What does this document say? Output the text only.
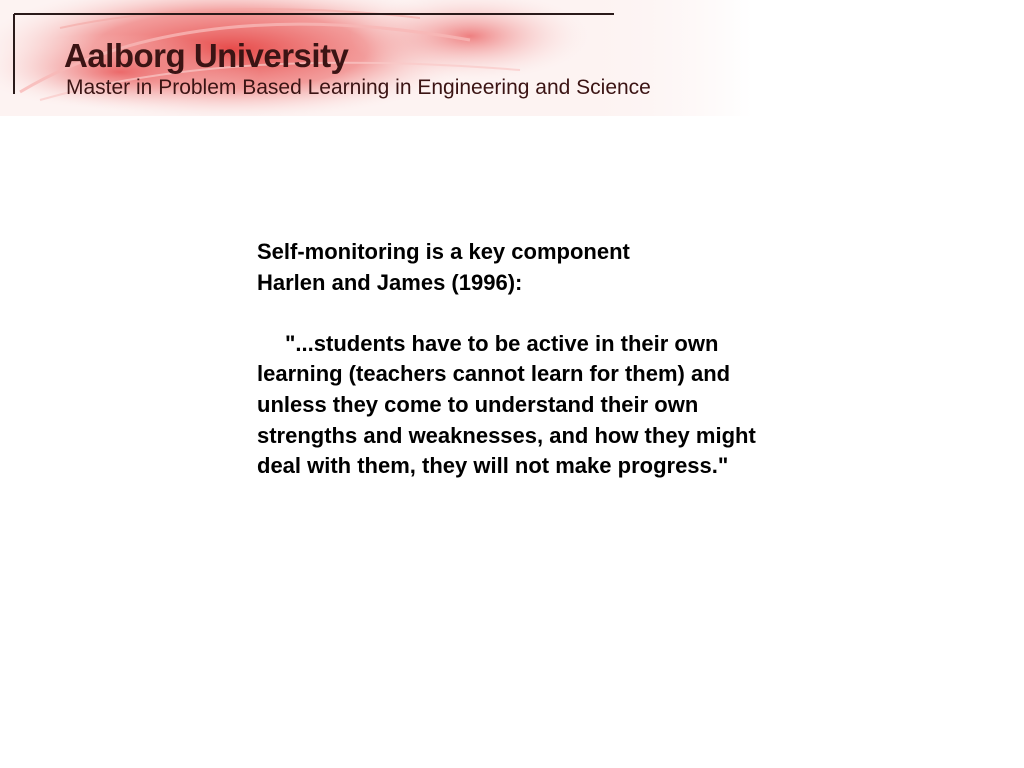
Aalborg University

Master in Problem Based Learning in Engineering and Science

Self-monitoring is a key component

Harlen and James (1996):

"...students have to be active in their own learning (teachers cannot learn for them) and unless they come to understand their own strengths and weaknesses, and how they might deal with them, they will not make progress."
